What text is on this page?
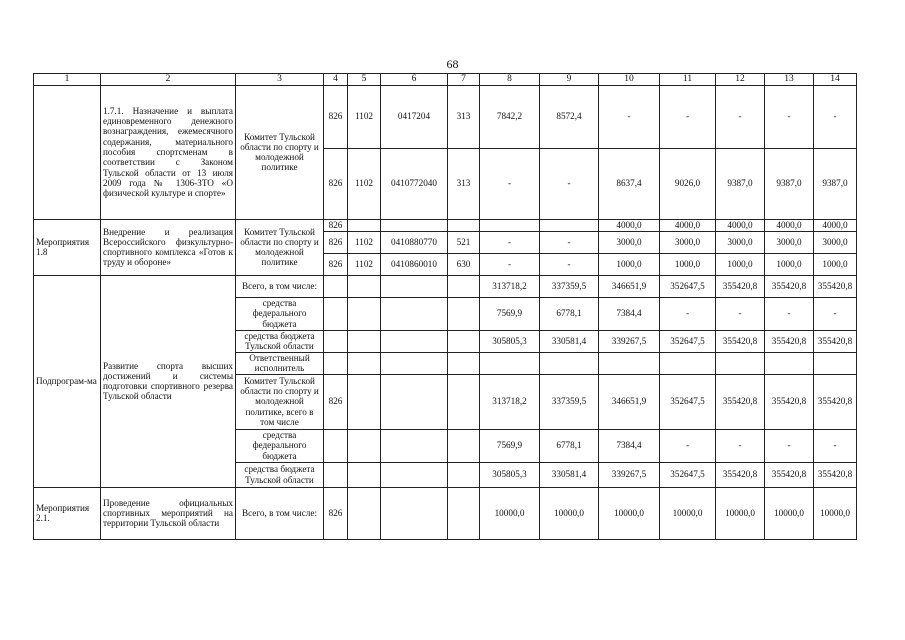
68
1	2	3	4	5	6	7	8	9	10	11	12	13	14
	1.7.1. Назначение и выплата единовременного денежного вознаграждения, ежемесячного содержания, материального пособия спортсменам в соответствии с Законом Тульской области от 13 июля 2009 года № 1306-ЗТО «О физической культуре и спорте»	Комитет Тульской области по спорту и молодежной политике	826	1102	0417204	313	7842,2	8572,4	-	-	-	-	-
			826	1102	0410772040	313	-	-	8637,4	9026,0	9387,0	9387,0	9387,0
Мероприятия 1.8	Внедрение и реализация Всероссийского физкультурно-спортивного комплекса «Готов к труду и обороне»	Комитет Тульской области по спорту и молодежной политике	826						4000,0	4000,0	4000,0	4000,0	4000,0
			826	1102	0410880770	521	-	-	3000,0	3000,0	3000,0	3000,0	3000,0
			826	1102	0410860010	630	-	-	1000,0	1000,0	1000,0	1000,0	1000,0
Подпрограм-ма	Развитие спорта высших достижений и системы подготовки спортивного резерва Тульской области	Всего, в том числе:					313718,2	337359,5	346651,9	352647,5	355420,8	355420,8	355420,8
		средства федерального бюджета					7569,9	6778,1	7384,4	-	-	-	-
		средства бюджета Тульской области					305805,3	330581,4	339267,5	352647,5	355420,8	355420,8	355420,8
		Ответственный исполнитель											
		Комитет Тульской области по спорту и молодежной политике, всего в том числе	826				313718,2	337359,5	346651,9	352647,5	355420,8	355420,8	355420,8
		средства федерального бюджета					7569,9	6778,1	7384,4	-	-	-	-
		средства бюджета Тульской области					305805,3	330581,4	339267,5	352647,5	355420,8	355420,8	355420,8
Мероприятия 2.1.	Проведение официальных спортивных мероприятий на территории Тульской области	Всего, в том числе:	826				10000,0	10000,0	10000,0	10000,0	10000,0	10000,0	10000,0
